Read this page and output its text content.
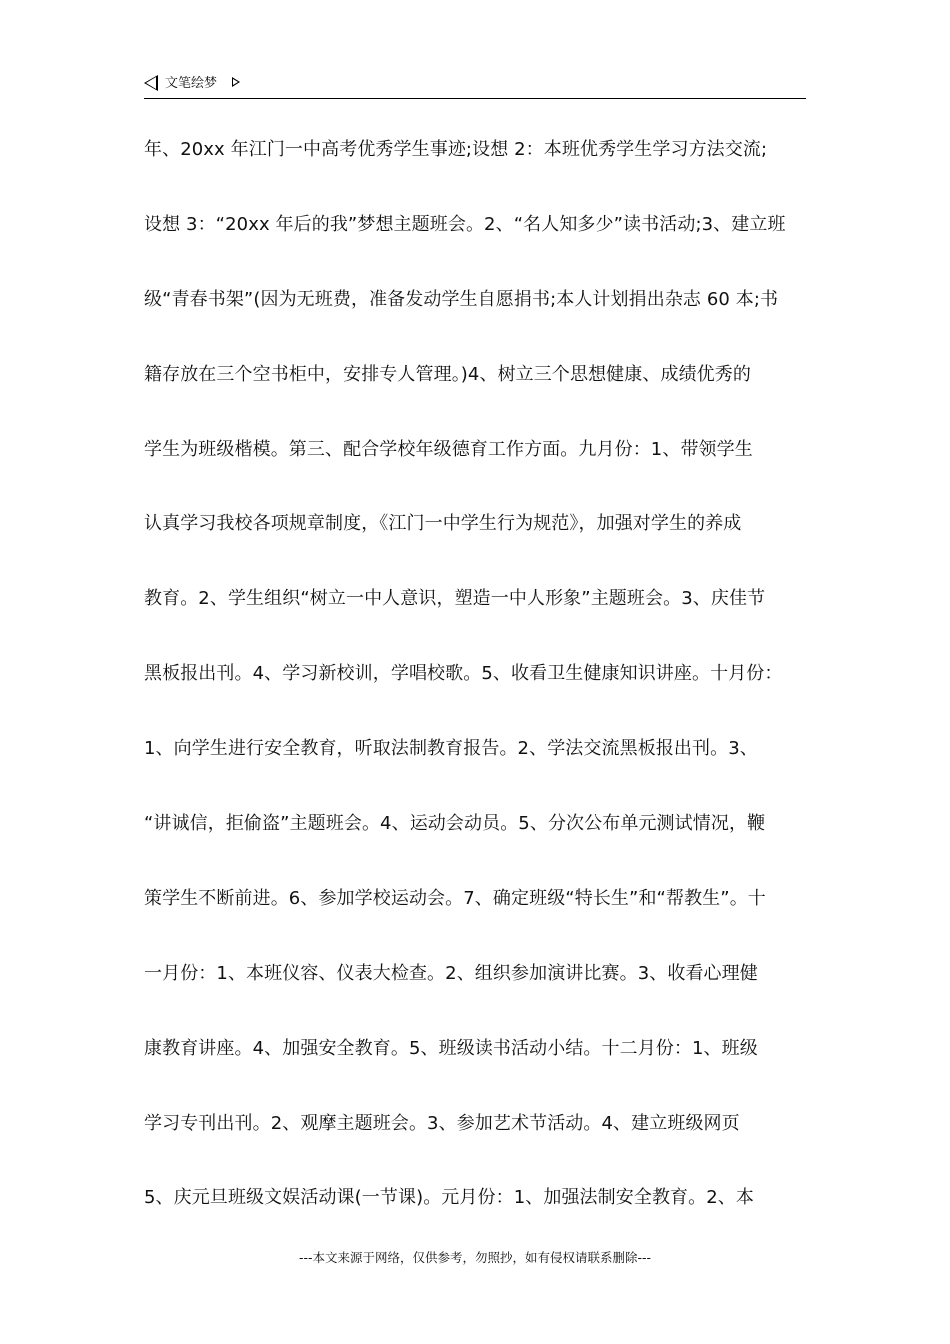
文笔绘梦
年、20xx 年江门一中高考优秀学生事迹;设想 2：本班优秀学生学习方法交流;
设想 3：“20xx 年后的我”梦想主题班会。2、“名人知多少”读书活动;3、建立班
级“青春书架”(因为无班费，准备发动学生自愿捐书;本人计划捐出杂志 60 本;书
籍存放在三个空书柜中，安排专人管理。)4、树立三个思想健康、成绩优秀的
学生为班级楷模。第三、配合学校年级德育工作方面。九月份：1、带领学生
认真学习我校各项规章制度，《江门一中学生行为规范》，加强对学生的养成
教育。2、学生组织“树立一中人意识，塑造一中人形象”主题班会。3、庆佳节
黑板报出刊。4、学习新校训，学唱校歌。5、收看卫生健康知识讲座。十月份：
1、向学生进行安全教育，听取法制教育报告。2、学法交流黑板报出刊。3、
“讲诚信，拒偷盗”主题班会。4、运动会动员。5、分次公布单元测试情况，鞭
策学生不断前进。6、参加学校运动会。7、确定班级“特长生”和“帮教生”。十
一月份：1、本班仪容、仪表大检查。2、组织参加演讲比赛。3、收看心理健
康教育讲座。4、加强安全教育。5、班级读书活动小结。十二月份：1、班级
学习专刊出刊。2、观摩主题班会。3、参加艺术节活动。4、建立班级网页
5、庆元旦班级文娱活动课(一节课)。元月份：1、加强法制安全教育。2、本
---本文来源于网络，仅供参考，勿照抄，如有侵权请联系删除---
